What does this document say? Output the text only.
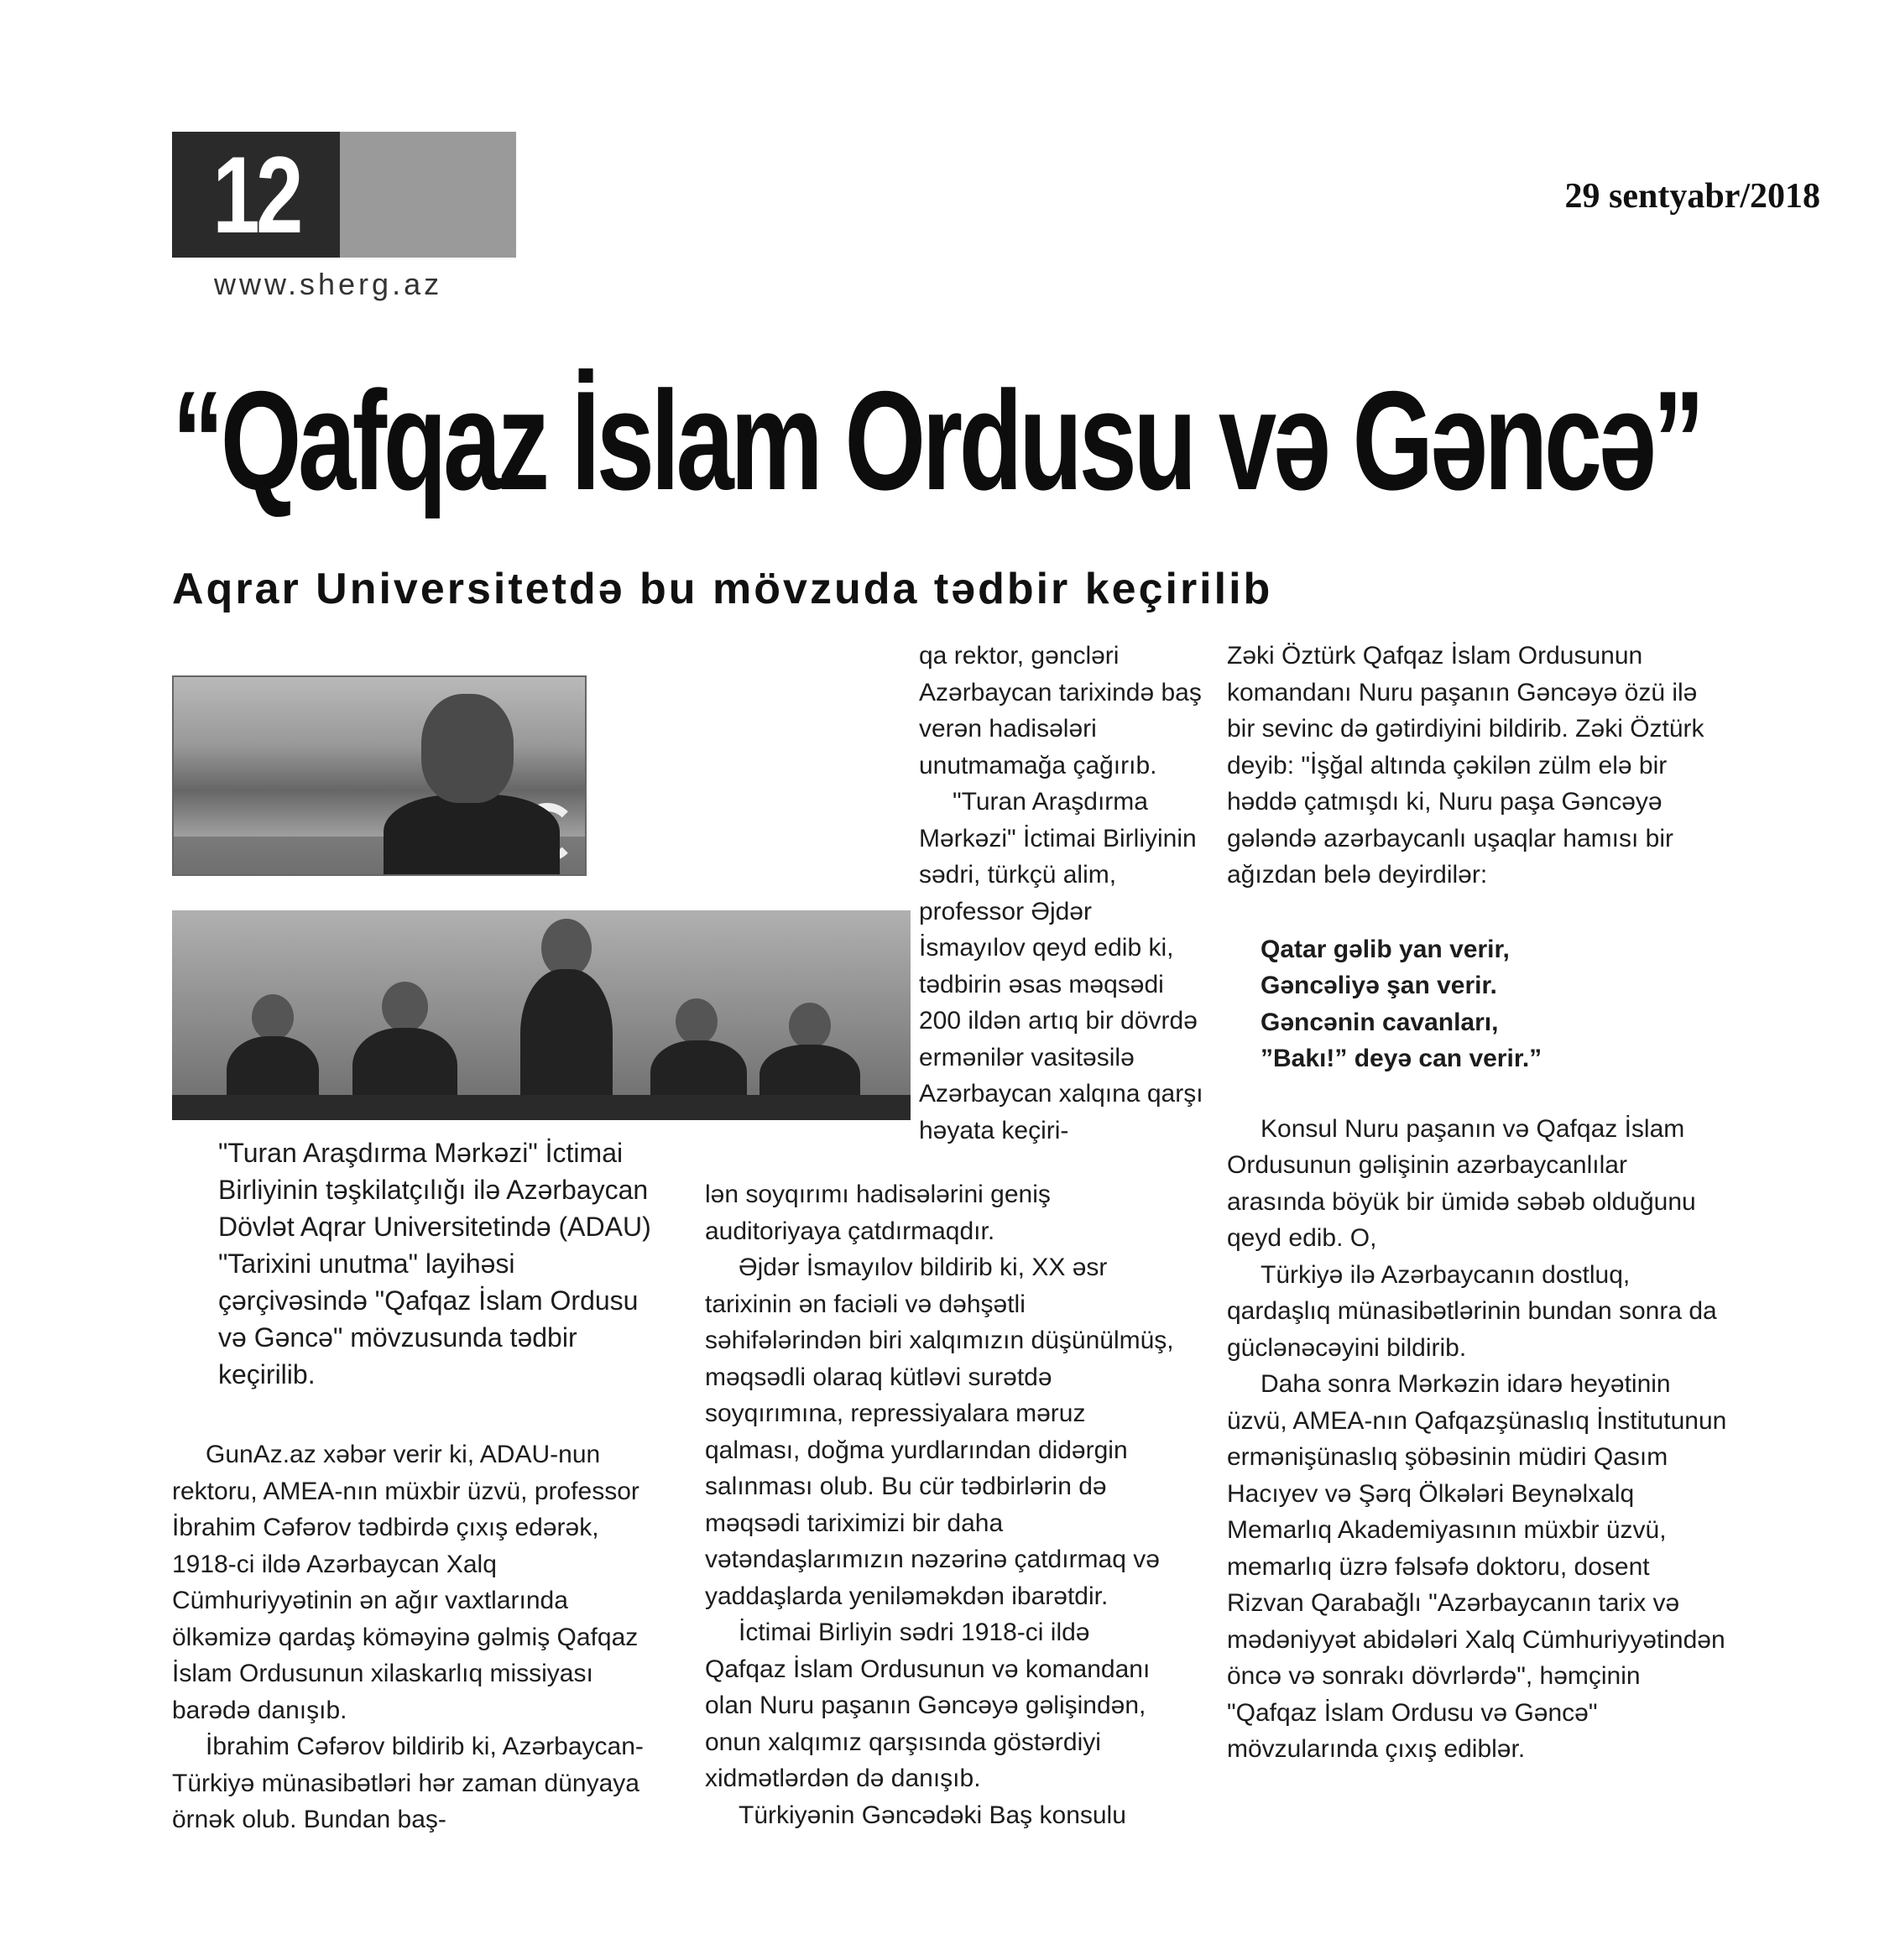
12
www.sherg.az
29 sentyabr/2018
“Qafqaz İslam Ordusu və Gəncə”
Aqrar Universitetdə bu mövzuda tədbir keçirilib

"Turan Araşdırma Mərkəzi" İctimai Birliyinin təşkilatçılığı ilə Azərbaycan Dövlət Aqrar Universitetində (ADAU) "Tarixini unutma" layihəsi çərçivəsində "Qafqaz İslam Ordusu və Gəncə" mövzusunda tədbir keçirilib.

GunAz.az xəbər verir ki, ADAU-nun rektoru, AMEA-nın müxbir üzvü, professor İbrahim Cəfərov tədbirdə çıxış edərək, 1918-ci ildə Azərbaycan Xalq Cümhuriyyətinin ən ağır vaxtlarında ölkəmizə qardaş köməyinə gəlmiş Qafqaz İslam Ordusunun xilaskarlıq missiyası barədə danışıb.

İbrahim Cəfərov bildirib ki, Azərbaycan-Türkiyə münasibətləri hər zaman dünyaya örnək olub. Bundan baş-

qa rektor, gəncləri Azərbaycan tarixində baş verən hadisələri unutmamağa çağırıb.

"Turan Araşdırma Mərkəzi" İctimai Birliyinin sədri, türkçü alim, professor Əjdər İsmayılov qeyd edib ki, tədbirin əsas məqsədi 200 ildən artıq bir dövrdə ermənilər vasitəsilə Azərbaycan xalqına qarşı həyata keçiri-

lən soyqırımı hadisələrini geniş auditoriyaya çatdırmaqdır.

Əjdər İsmayılov bildirib ki, XX əsr tarixinin ən faciəli və dəhşətli səhifələrindən biri xalqımızın düşünülmüş, məqsədli olaraq kütləvi surətdə soyqırımına, repressiyalara məruz qalması, doğma yurdlarından didərgin salınması olub. Bu cür tədbirlərin də məqsədi tariximizi bir daha vətəndaşlarımızın nəzərinə çatdırmaq və yaddaşlarda yeniləməkdən ibarətdir.

İctimai Birliyin sədri 1918-ci ildə Qafqaz İslam Ordusunun və komandanı olan Nuru paşanın Gəncəyə gəlişindən, onun xalqımız qarşısında göstərdiyi xidmətlərdən də danışıb.

Türkiyənin Gəncədəki Baş konsulu

Zəki Öztürk Qafqaz İslam Ordusunun komandanı Nuru paşanın Gəncəyə özü ilə bir sevinc də gətirdiyini bildirib. Zəki Öztürk deyib: "İşğal altında çəkilən zülm elə bir həddə çatmışdı ki, Nuru paşa Gəncəyə gələndə azərbaycanlı uşaqlar hamısı bir ağızdan belə deyirdilər:

Qatar gəlib yan verir,
Gəncəliyə şan verir.
Gəncənin cavanları,
”Bakı!” deyə can verir.”

Konsul Nuru paşanın və Qafqaz İslam Ordusunun gəlişinin azərbaycanlılar arasında böyük bir ümidə səbəb olduğunu qeyd edib. O,

Türkiyə ilə Azərbaycanın dostluq, qardaşlıq münasibətlərinin bundan sonra da güclənəcəyini bildirib.

Daha sonra Mərkəzin idarə heyətinin üzvü, AMEA-nın Qafqazşünaslıq İnstitutunun ermənişünaslıq şöbəsinin müdiri Qasım Hacıyev və Şərq Ölkələri Beynəlxalq Memarlıq Akademiyasının müxbir üzvü, memarlıq üzrə fəlsəfə doktoru, dosent Rizvan Qarabağlı "Azərbaycanın tarix və mədəniyyət abidələri Xalq Cümhuriyyətindən öncə və sonrakı dövrlərdə", həmçinin "Qafqaz İslam Ordusu və Gəncə" mövzularında çıxış ediblər.
